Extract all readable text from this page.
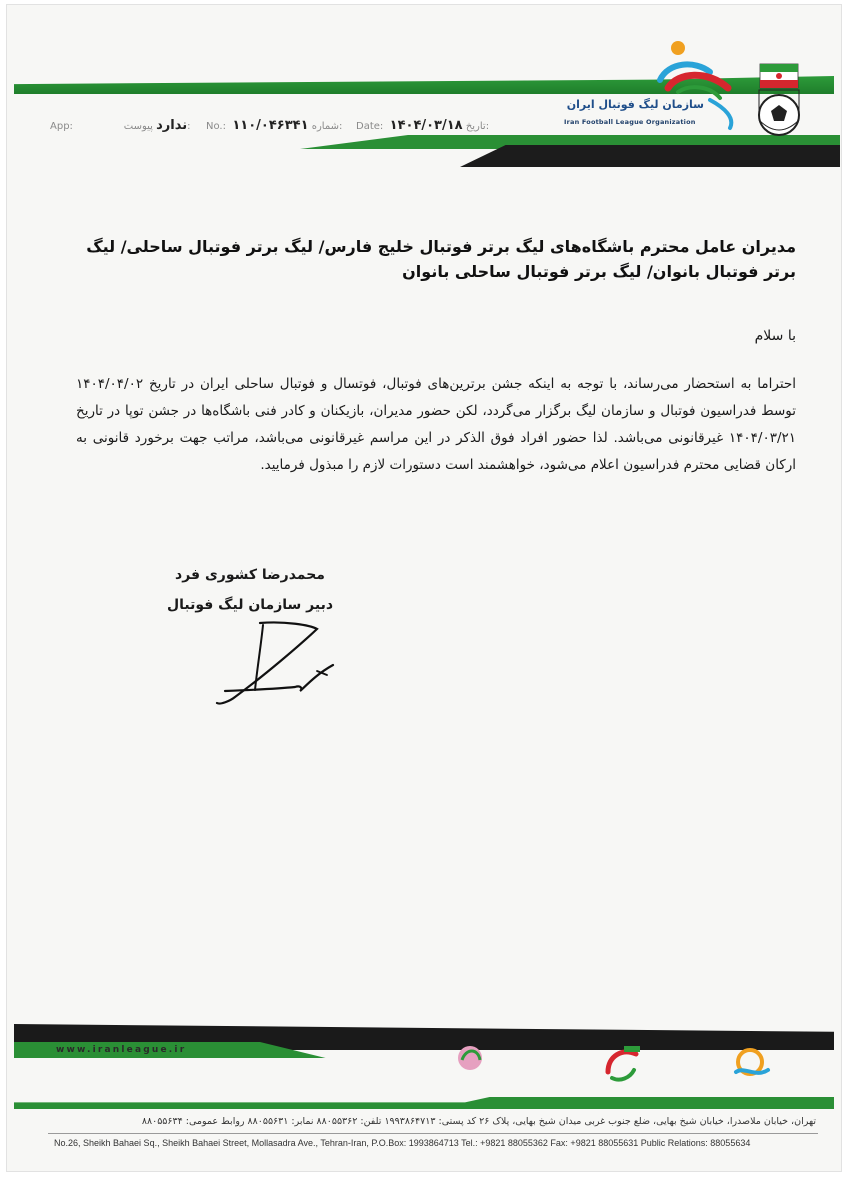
سازمان لیگ فوتبال ایران
Iran Football League Organization
Date: ۱۴۰۴/۰۳/۱۸ تاریخ:
No.: ۱۱۰/۰۴۶۳۴۱ شماره:
App:	ندارد پیوست:
مدیران عامل محترم باشگاه‌های لیگ برتر فوتبال خلیج فارس/ لیگ برتر فوتبال ساحلی/ لیگ برتر فوتبال بانوان/ لیگ برتر فوتبال ساحلی بانوان
با سلام
احتراما به استحضار می‌رساند، با توجه به اینکه جشن برترین‌های فوتبال، فوتسال و فوتبال ساحلی ایران در تاریخ ۱۴۰۴/۰۴/۰۲ توسط فدراسیون فوتبال و سازمان لیگ برگزار می‌گردد، لکن حضور مدیران، بازیکنان و کادر فنی باشگاه‌ها در جشن توپا در تاریخ ۱۴۰۴/۰۳/۲۱ غیرقانونی می‌باشد. لذا حضور افراد فوق الذکر در این مراسم غیرقانونی می‌باشد، مراتب جهت برخورد قانونی به ارکان قضایی محترم فدراسیون اعلام می‌شود، خواهشمند است دستورات لازم را مبذول فرمایید.
محمدرضا کشوری فرد
دبیر سازمان لیگ فوتبال
www.iranleague.ir
تهران، خیابان ملاصدرا، خیابان شیخ بهایی، ضلع جنوب غربی میدان شیخ بهایی، پلاک ۲۶ کد پستی: ۱۹۹۳۸۶۴۷۱۳ تلفن: ۸۸۰۵۵۳۶۲ نمابر: ۸۸۰۵۵۶۳۱ روابط عمومی: ۸۸۰۵۵۶۳۴
No.26, Sheikh Bahaei Sq., Sheikh Bahaei Street, Mollasadra Ave., Tehran-Iran, P.O.Box: 1993864713 Tel.: +9821 88055362 Fax: +9821 88055631 Public Relations: 88055634
